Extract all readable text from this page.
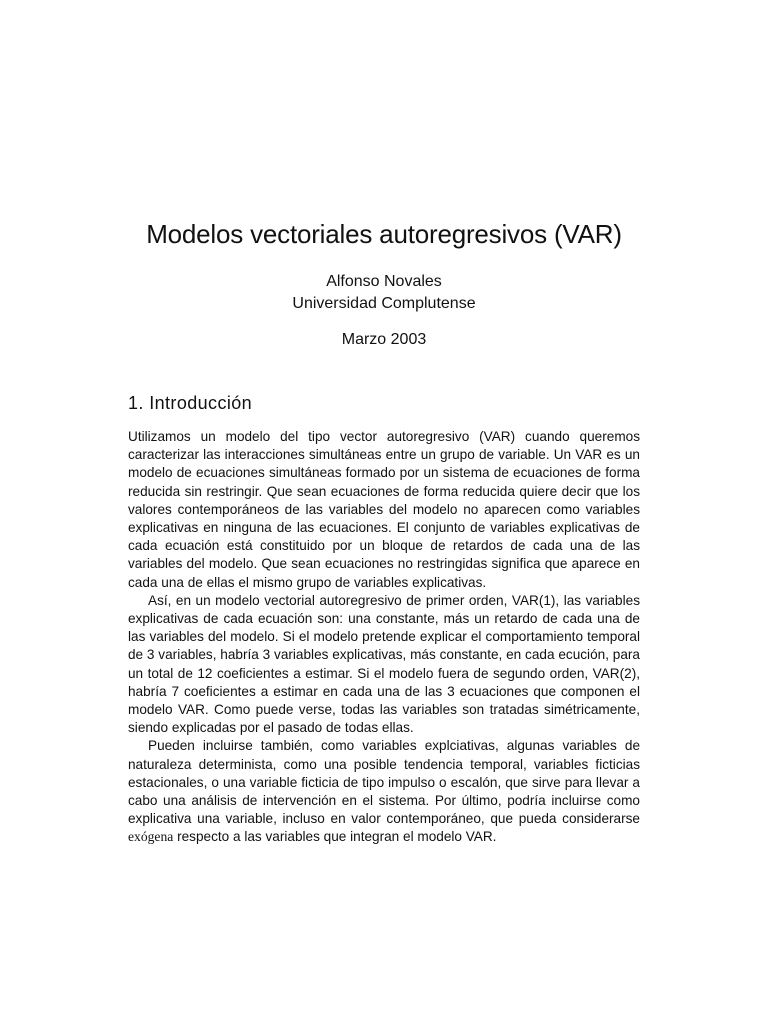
Modelos vectoriales autoregresivos (VAR)
Alfonso Novales
Universidad Complutense
Marzo 2003
1. Introducción

Utilizamos un modelo del tipo vector autoregresivo (VAR) cuando queremos caracterizar las interacciones simultáneas entre un grupo de variable. Un VAR es un modelo de ecuaciones simultáneas formado por un sistema de ecuaciones de forma reducida sin restringir. Que sean ecuaciones de forma reducida quiere decir que los valores contemporáneos de las variables del modelo no aparecen como variables explicativas en ninguna de las ecuaciones. El conjunto de variables explicativas de cada ecuación está constituido por un bloque de retardos de cada una de las variables del modelo. Que sean ecuaciones no restringidas significa que aparece en cada una de ellas el mismo grupo de variables explicativas.

Así, en un modelo vectorial autoregresivo de primer orden, VAR(1), las variables explicativas de cada ecuación son: una constante, más un retardo de cada una de las variables del modelo. Si el modelo pretende explicar el comportamiento temporal de 3 variables, habría 3 variables explicativas, más constante, en cada ecución, para un total de 12 coeficientes a estimar. Si el modelo fuera de segundo orden, VAR(2), habría 7 coeficientes a estimar en cada una de las 3 ecuaciones que componen el modelo VAR. Como puede verse, todas las variables son tratadas simétricamente, siendo explicadas por el pasado de todas ellas.

Pueden incluirse también, como variables explciativas, algunas variables de naturaleza determinista, como una posible tendencia temporal, variables ficticias estacionales, o una variable ficticia de tipo impulso o escalón, que sirve para llevar a cabo una análisis de intervención en el sistema. Por último, podría incluirse como explicativa una variable, incluso en valor contemporáneo, que pueda considerarse exógena respecto a las variables que integran el modelo VAR.
